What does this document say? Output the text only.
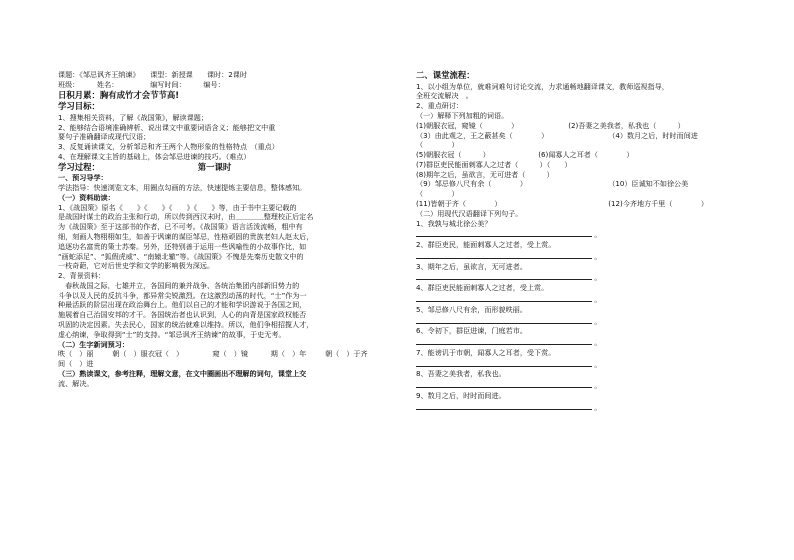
课题：《邹忌讽齐王纳谏》　　课型：新授课　　课时：2课时
班级：　　　姓名：　　　　　编写时间：　　　编号：
日积月累：胸有成竹才会节节高!
学习目标：
1、搜集相关资料，了解《战国策》，解读课题；
2、能够结合语境准确辨析、说出课文中重要词语含义；能够把文中重
要句子准确翻译成现代汉语；
3、反复诵读课文，分析邹忌和齐王两个人物形象的性格特点　（重点）
4、在理解课文主旨的基础上，体会邹忌进谏的技巧。（难点）
学习过程：	第一课时
一、预习导学：
学法指导：快速浏览文本，用圈点勾画的方法，快速提炼主要信息，整体感知。
（一）资料助读：
1、《战国策》原名《　　》《　　》《　　》《　　》等，由于书中主要记载的
是战国时谋士的政治主张和行动，所以传到西汉末时，由＿＿＿＿整理校正后定名
为《战国策》至于这部书的作者，已不可考。《战国策》语言活泼流畅，粗中有
细，刻画人物栩栩如生，如善于讽谏的谋臣邹忌，性格顽固的贵族老妇人赵太后，
追逐功名富贵的策士苏秦。另外，还特别善于运用一些讽喻性的小故事作比，如
“画蛇添足”、“狐假虎威”、“南辕北辙”等。《战国策》不愧是先秦历史散文中的
一枝奇葩，它对后世史学和文学的影响极为深远。
2、背景资料：
　春秋战国之际，七雄并立，各国间的兼并战争、各统治集团内部新旧势力的
斗争以及人民的反抗斗争，都异常尖锐激烈。在这激烈动荡的时代，“士”作为一
种最活跃的阶层出现在政治舞台上。他们以自己的才能和学识游说于各国之间，
施展着自己治国安邦的才干。各国统治者也认识到，人心的向背是国家政权能否
巩固的决定因素。失去民心，国家的统治就难以维持。所以，他们争相招揽人才，
虚心纳谏，争取得到“士”的支持。“邹忌讽齐王纳谏”的故事，于史无考。
（二）生字新词预习：
昳（　）丽	朝（　）服衣冠（　）	窥（　）镜	期（　）年	朝（　）于齐
间（　）进
（三）熟读课文，参考注释，理解文意，在文中圈画出不理解的词句，课堂上交
流、解决。
二、课堂流程：
1、以小组为单位，就难词难句讨论交流，力求通畅地翻译课文，教师巡视指导，
全班交流解决　。
2、重点研讨：
（一）解释下列加粗的词语。
(1)朝服衣冠，窥镜（　　　　）	(2)吾妻之美我者，私我也（　　　）
（3）由此观之，王之蔽甚矣（　　　　）	（4）数月之后，时时而间进
（　　　　）
(5)朝服衣冠（　　　）	(6)闻寡人之耳者（　　　　）
(7)群臣吏民能面刺寡人之过者（　　　）（　　）
(8)期年之后，虽欲言，无可进者（　　　）
（9）邹忌修八尺有余（　　　　）	（10）臣诚知不如徐公美
（　　　　）
(11)皆朝于齐（　　　　）	(12)今齐地方千里（　　　　）
（二）用现代汉语翻译下列句子。
1、我孰与城北徐公美？
。
2、群臣吏民，能面刺寡人之过者，受上赏。
。
3、期年之后，虽欲言，无可进者。
。
4、群臣吏民能面刺寡人之过者，受上赏。
。
5、邹忌修八尺有余，而形貌昳丽。
。
6、令初下，群臣进谏，门庭若市。
。
7、能谤讥于市朝，闻寡人之耳者，受下赏。
。
8、吾妻之美我者，私我也。
。
9、数月之后，时时而间进。
。
